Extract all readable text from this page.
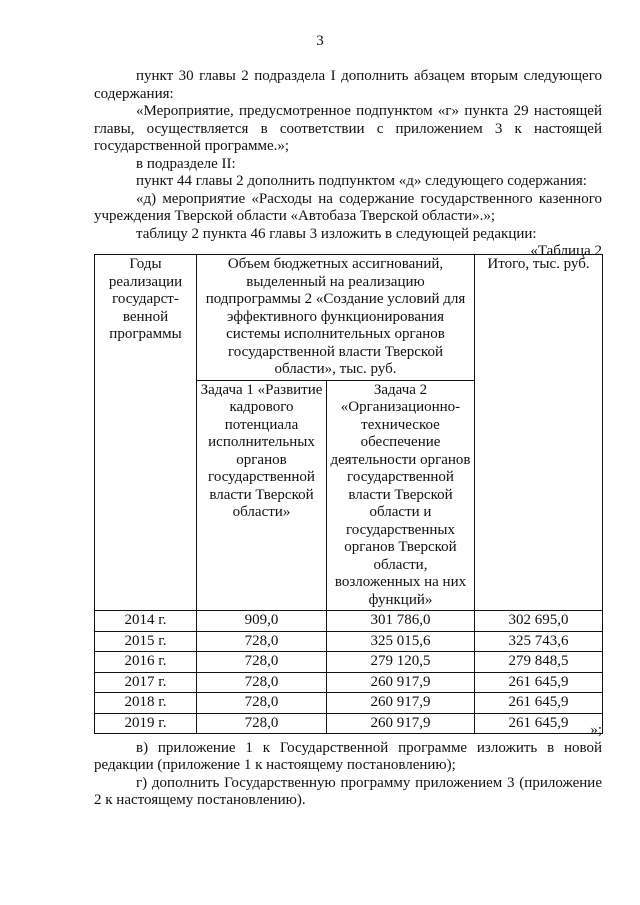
3

пункт 30 главы 2 подраздела I дополнить абзацем вторым следующего содержания:

«Мероприятие, предусмотренное подпунктом «г» пункта 29 настоящей главы, осуществляется в соответствии с приложением 3 к настоящей государственной программе.»;

в подразделе II:

пункт 44 главы 2 дополнить подпунктом «д» следующего содержания:

«д) мероприятие «Расходы на содержание государственного казенного учреждения Тверской области «Автобаза Тверской области».»;

таблицу 2 пункта 46 главы 3 изложить в следующей редакции:

«Таблица 2

Годы реализации государст-венной программы	Объем бюджетных ассигнований, выделенный на реализацию подпрограммы 2 «Создание условий для эффективного функционирования системы исполнительных органов государственной власти Тверской области», тыс. руб.		Итого, тыс. руб.
	Задача 1 «Развитие кадрового потенциала исполнительных органов государственной власти Тверской области»	Задача 2 «Организационно-техническое обеспечение деятельности органов государственной власти Тверской области и государственных органов Тверской области, возложенных на них функций»	
2014 г.	909,0	301 786,0	302 695,0
2015 г.	728,0	325 015,6	325 743,6
2016 г.	728,0	279 120,5	279 848,5
2017 г.	728,0	260 917,9	261 645,9
2018 г.	728,0	260 917,9	261 645,9
2019 г.	728,0	260 917,9	261 645,9	»;

в) приложение 1 к Государственной программе изложить в новой редакции (приложение 1 к настоящему постановлению);

г) дополнить Государственную программу приложением 3 (приложение 2 к настоящему постановлению).
